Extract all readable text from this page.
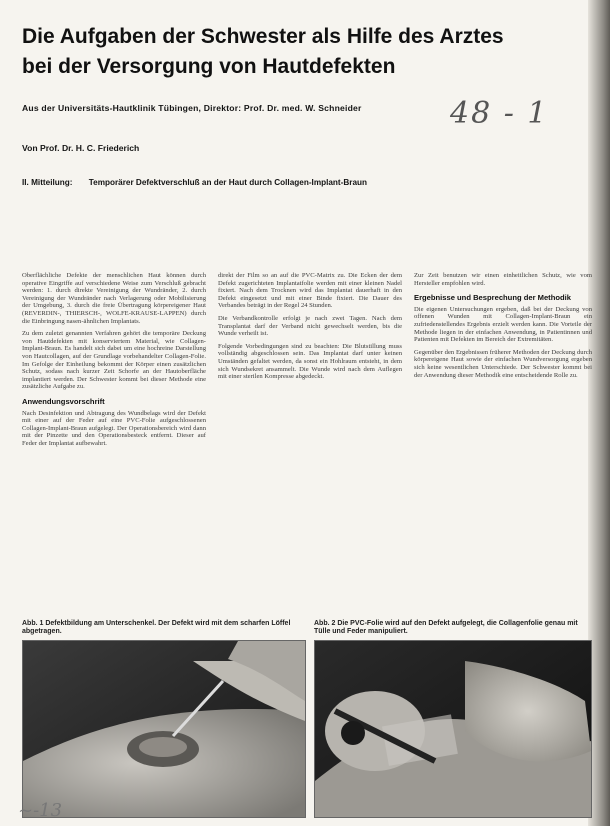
Die Aufgaben der Schwester als Hilfe des Arztes
bei der Versorgung von Hautdefekten
Aus der Universitäts-Hautklinik Tübingen, Direktor: Prof. Dr. med. W. Schneider	48 - 1
Von Prof. Dr. H. C. Friederich
II. Mitteilung: Temporärer Defektverschluß an der Haut durch Collagen-Implant-Braun

Oberflächliche Defekte der menschlichen Haut können durch operative Eingriffe auf verschiedene Weise zum Verschluß gebracht werden: 1. durch direkte Vereinigung der Wundränder, 2. durch Vereinigung der Wundränder nach Verlagerung oder Mobilisierung der Umgebung, 3. durch die freie Übertragung körpereigener Haut (REVERDIN-, THIERSCH-, WOLFE-KRAUSE-LAPPEN) durch die Einbringung nasen-ähnlichen Implantats.

Zu dem zuletzt genannten Verfahren gehört die temporäre Deckung von Hautdefekten mit konserviertem Material, wie Collagen-Implant-Braun. Es handelt sich dabei um eine hochreine Darstellung von Hautcollagen, auf der Grundlage vorbehandelter Collagen-Folie. Im Gefolge der Einheilung bekommt der Körper einen zusätzlichen Schutz, sodass nach kurzer Zeit Schorfe an der Hautoberfläche implantiert werden. Der Schwester kommt bei dieser Methode eine zusätzliche Aufgabe zu.

Anwendungsvorschrift

Nach Desinfektion und Abtragung des Wundbelags wird der Defekt mit einer auf der Feder auf eine PVC-Folie aufgeschlossenen Collagen-Implant-Braun aufgelegt. Der Operationsbereich wird dann mit der Pinzette und den Operationsbesteck entfernt. Dieser auf Feder der Implantat aufbewahrt.

direkt der Film so an auf die PVC-Matrix zu. Die Ecken der dem Defekt zugerichteten Implantatfolie werden mit einer kleinen Nadel fixiert. Nach dem Trocknen wird das Implantat dauerhaft in den Defekt eingesetzt und mit einer Binde fixiert. Die Dauer des Verbandes beträgt in der Regel 24 Stunden.

Die Verbandkontrolle erfolgt je nach zwei Tagen. Nach dem Transplantat darf der Verband nicht gewechselt werden, bis die Wunde verheilt ist.

Folgende Vorbedingungen sind zu beachten: Die Blutstillung muss vollständig abgeschlossen sein. Das Implantat darf unter keinen Umständen gefaltet werden, da sonst ein Hohlraum entsteht, in dem sich Wundsekret ansammelt. Die Wunde wird nach dem Auflegen mit einer sterilen Kompresse abgedeckt.

Zur Zeit benutzen wir einen einheitlichen Schutz, wie vom Hersteller empfohlen wird.

Ergebnisse und Besprechung der Methodik

Die eigenen Untersuchungen ergeben, daß bei der Deckung von offenen Wunden mit Collagen-Implant-Braun ein zufriedenstellendes Ergebnis erzielt werden kann. Die Vorteile der Methode liegen in der einfachen Anwendung, in Patientinnen und Patienten mit Defekten im Bereich der Extremitäten.

Gegenüber den Ergebnissen früherer Methoden der Deckung durch körpereigene Haut sowie der einfachen Wundversorgung ergeben sich keine wesentlichen Unterschiede. Der Schwester kommt bei der Anwendung dieser Methodik eine entscheidende Rolle zu.

Abb. 1 Defektbildung am Unterschenkel. Der Defekt wird mit dem scharfen Löffel abgetragen.
Abb. 2 Die PVC-Folie wird auf den Defekt aufgelegt, die Collagenfolie genau mit Tülle und Feder manipuliert.
~-13
